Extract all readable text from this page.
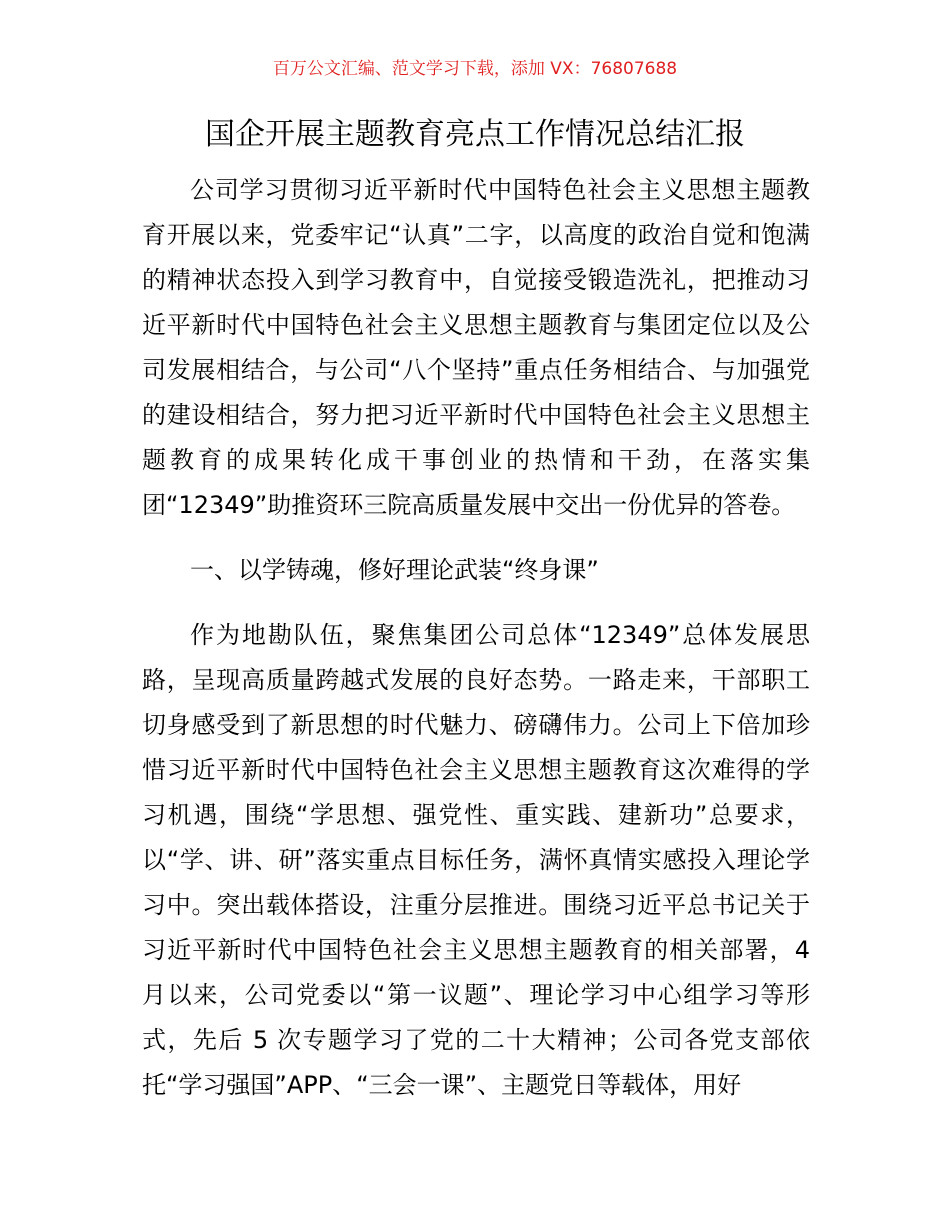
百万公文汇编、范文学习下载，添加 VX：76807688
国企开展主题教育亮点工作情况总结汇报

公司学习贯彻习近平新时代中国特色社会主义思想主题教育开展以来，党委牢记“认真”二字，以高度的政治自觉和饱满的精神状态投入到学习教育中，自觉接受锻造洗礼，把推动习近平新时代中国特色社会主义思想主题教育与集团定位以及公司发展相结合，与公司“八个坚持”重点任务相结合、与加强党的建设相结合，努力把习近平新时代中国特色社会主义思想主题教育的成果转化成干事创业的热情和干劲，在落实集团“12349”助推资环三院高质量发展中交出一份优异的答卷。

一、以学铸魂，修好理论武装“终身课”

作为地勘队伍，聚焦集团公司总体“12349”总体发展思路，呈现高质量跨越式发展的良好态势。一路走来，干部职工切身感受到了新思想的时代魅力、磅礴伟力。公司上下倍加珍惜习近平新时代中国特色社会主义思想主题教育这次难得的学习机遇，围绕“学思想、强党性、重实践、建新功”总要求，以“学、讲、研”落实重点目标任务，满怀真情实感投入理论学习中。突出载体搭设，注重分层推进。围绕习近平总书记关于习近平新时代中国特色社会主义思想主题教育的相关部署，4 月以来，公司党委以“第一议题”、理论学习中心组学习等形式，先后 5 次专题学习了党的二十大精神；公司各党支部依托“学习强国”APP、“三会一课”、主题党日等载体，用好
